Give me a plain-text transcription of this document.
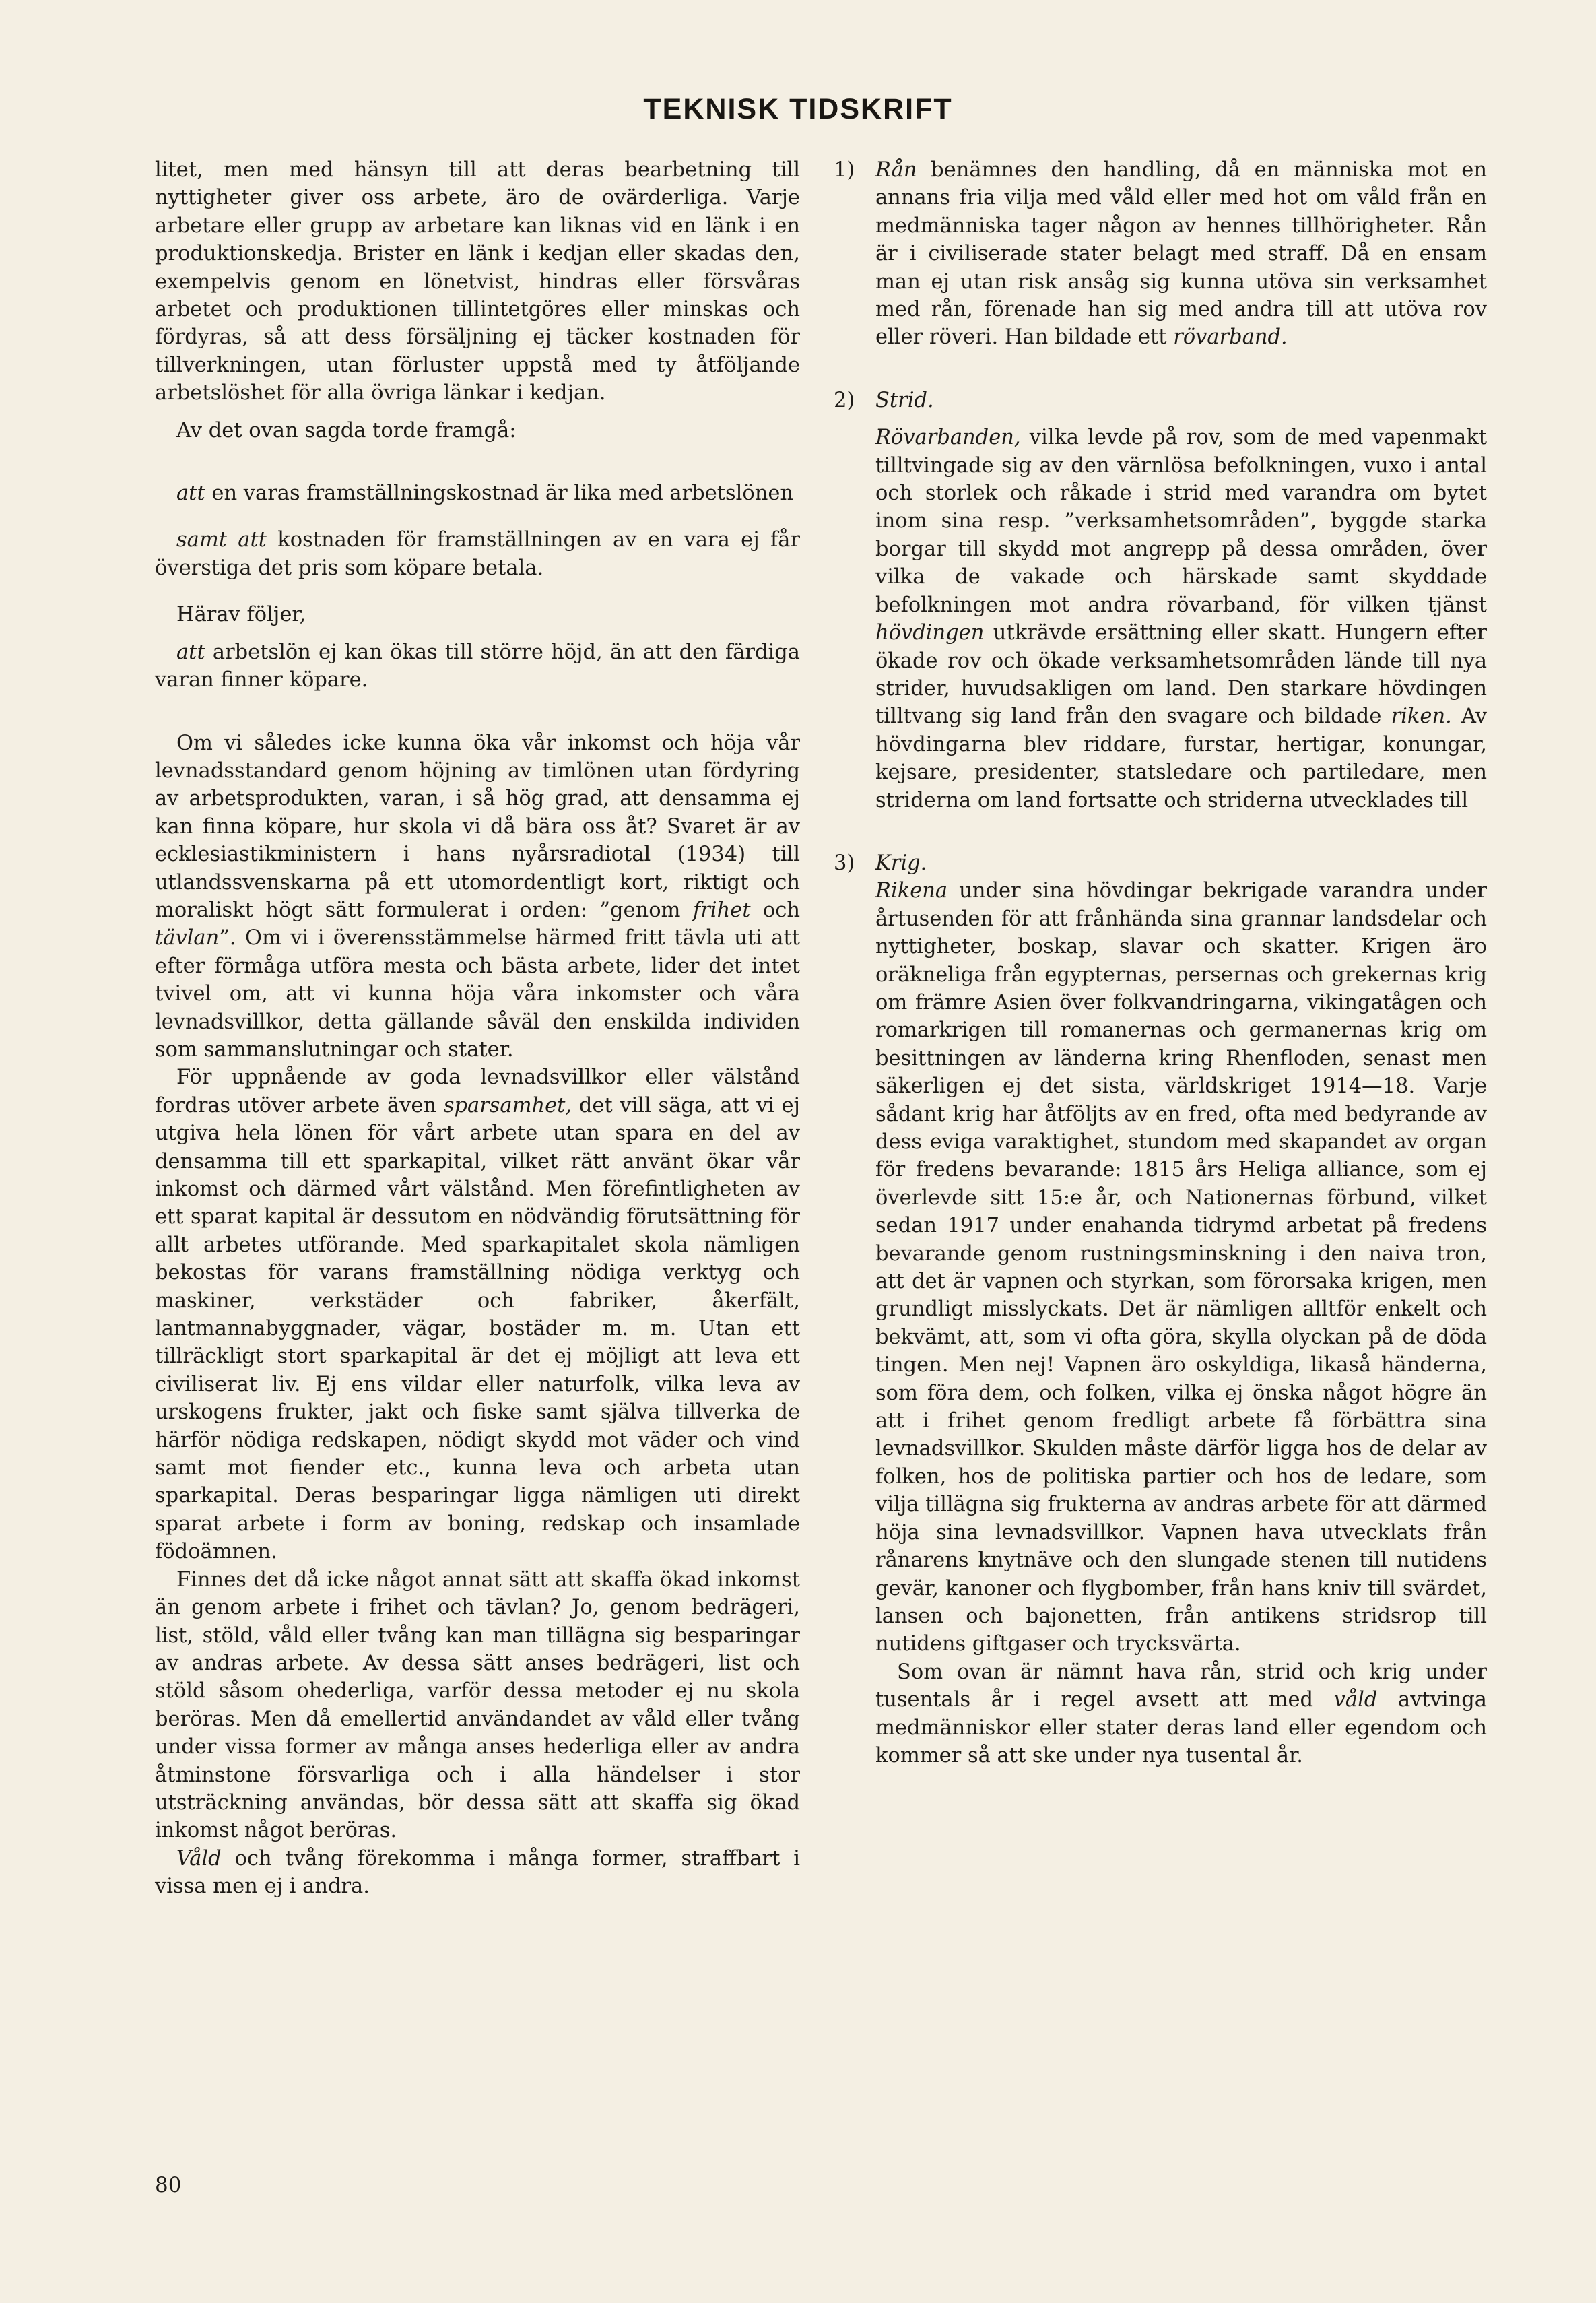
TEKNISK TIDSKRIFT

litet, men med hänsyn till att deras bearbetning till nyttigheter giver oss arbete, äro de ovärderliga. Varje arbetare eller grupp av arbetare kan liknas vid en länk i en produktionskedja. Brister en länk i kedjan eller skadas den, exempelvis genom en lönetvist, hindras eller försvåras arbetet och produktionen tillintetgöres eller minskas och fördyras, så att dess försäljning ej täcker kostnaden för tillverkningen, utan förluster uppstå med ty åtföljande arbetslöshet för alla övriga länkar i kedjan.

Av det ovan sagda torde framgå:

att en varas framställningskostnad är lika med arbetslönen

samt att kostnaden för framställningen av en vara ej får överstiga det pris som köpare betala.

Härav följer,

att arbetslön ej kan ökas till större höjd, än att den färdiga varan finner köpare.

Om vi således icke kunna öka vår inkomst och höja vår levnadsstandard genom höjning av timlönen utan fördyring av arbetsprodukten, varan, i så hög grad, att densamma ej kan finna köpare, hur skola vi då bära oss åt? Svaret är av ecklesiastikministern i hans nyårsradiotal (1934) till utlandssvenskarna på ett utomordentligt kort, riktigt och moraliskt högt sätt formulerat i orden: ”genom frihet och tävlan”. Om vi i överensstämmelse härmed fritt tävla uti att efter förmåga utföra mesta och bästa arbete, lider det intet tvivel om, att vi kunna höja våra inkomster och våra levnadsvillkor, detta gällande såväl den enskilda individen som sammanslutningar och stater.

För uppnående av goda levnadsvillkor eller välstånd fordras utöver arbete även sparsamhet, det vill säga, att vi ej utgiva hela lönen för vårt arbete utan spara en del av densamma till ett sparkapital, vilket rätt använt ökar vår inkomst och därmed vårt välstånd. Men förefintligheten av ett sparat kapital är dessutom en nödvändig förutsättning för allt arbetes utförande. Med sparkapitalet skola nämligen bekostas för varans framställning nödiga verktyg och maskiner, verkstäder och fabriker, åkerfält, lantmannabyggnader, vägar, bostäder m. m. Utan ett tillräckligt stort sparkapital är det ej möjligt att leva ett civiliserat liv. Ej ens vildar eller naturfolk, vilka leva av urskogens frukter, jakt och fiske samt själva tillverka de härför nödiga redskapen, nödigt skydd mot väder och vind samt mot fiender etc., kunna leva och arbeta utan sparkapital. Deras besparingar ligga nämligen uti direkt sparat arbete i form av boning, redskap och insamlade födoämnen.

Finnes det då icke något annat sätt att skaffa ökad inkomst än genom arbete i frihet och tävlan? Jo, genom bedrägeri, list, stöld, våld eller tvång kan man tillägna sig besparingar av andras arbete. Av dessa sätt anses bedrägeri, list och stöld såsom ohederliga, varför dessa metoder ej nu skola beröras. Men då emellertid användandet av våld eller tvång under vissa former av många anses hederliga eller av andra åtminstone försvarliga och i alla händelser i stor utsträckning användas, bör dessa sätt att skaffa sig ökad inkomst något beröras.

Våld och tvång förekomma i många former, straffbart i vissa men ej i andra.

1) Rån benämnes den handling, då en människa mot en annans fria vilja med våld eller med hot om våld från en medmänniska tager någon av hennes tillhörigheter. Rån är i civiliserade stater belagt med straff. Då en ensam man ej utan risk ansåg sig kunna utöva sin verksamhet med rån, förenade han sig med andra till att utöva rov eller röveri. Han bildade ett rövarband.

2) Strid.

Rövarbanden, vilka levde på rov, som de med vapenmakt tilltvingade sig av den värnlösa befolkningen, vuxo i antal och storlek och råkade i strid med varandra om bytet inom sina resp. ”verksamhetsområden”, byggde starka borgar till skydd mot angrepp på dessa områden, över vilka de vakade och härskade samt skyddade befolkningen mot andra rövarband, för vilken tjänst hövdingen utkrävde ersättning eller skatt. Hungern efter ökade rov och ökade verksamhetsområden lände till nya strider, huvudsakligen om land. Den starkare hövdingen tilltvang sig land från den svagare och bildade riken. Av hövdingarna blev riddare, furstar, hertigar, konungar, kejsare, presidenter, statsledare och partiledare, men striderna om land fortsatte och striderna utvecklades till

3) Krig.

Rikena under sina hövdingar bekrigade varandra under årtusenden för att frånhända sina grannar landsdelar och nyttigheter, boskap, slavar och skatter. Krigen äro oräkneliga från egypternas, persernas och grekernas krig om främre Asien över folkvandringarna, vikingatågen och romarkrigen till romanernas och germanernas krig om besittningen av länderna kring Rhenfloden, senast men säkerligen ej det sista, världskriget 1914—18. Varje sådant krig har åtföljts av en fred, ofta med bedyrande av dess eviga varaktighet, stundom med skapandet av organ för fredens bevarande: 1815 års Heliga alliance, som ej överlevde sitt 15:e år, och Nationernas förbund, vilket sedan 1917 under enahanda tidrymd arbetat på fredens bevarande genom rustningsminskning i den naiva tron, att det är vapnen och styrkan, som förorsaka krigen, men grundligt misslyckats. Det är nämligen alltför enkelt och bekvämt, att, som vi ofta göra, skylla olyckan på de döda tingen. Men nej! Vapnen äro oskyldiga, likaså händerna, som föra dem, och folken, vilka ej önska något högre än att i frihet genom fredligt arbete få förbättra sina levnadsvillkor. Skulden måste därför ligga hos de delar av folken, hos de politiska partier och hos de ledare, som vilja tillägna sig frukterna av andras arbete för att därmed höja sina levnadsvillkor. Vapnen hava utvecklats från rånarens knytnäve och den slungade stenen till nutidens gevär, kanoner och flygbomber, från hans kniv till svärdet, lansen och bajonetten, från antikens stridsrop till nutidens giftgaser och trycksvärta.

Som ovan är nämnt hava rån, strid och krig under tusentals år i regel avsett att med våld avtvinga medmänniskor eller stater deras land eller egendom och kommer så att ske under nya tusental år.

80
